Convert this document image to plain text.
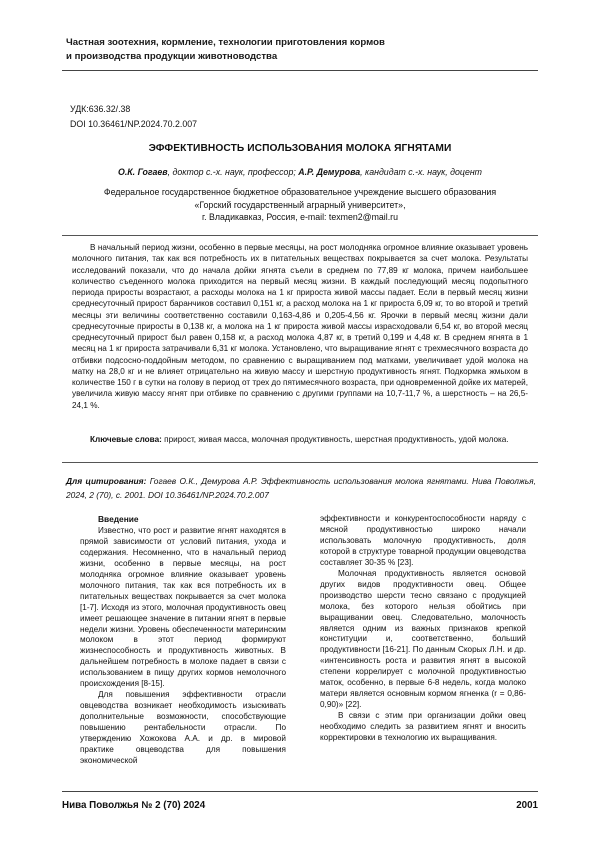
Частная зоотехния, кормление, технологии приготовления кормов
и производства продукции животноводства
УДК:636.32/.38
DOI 10.36461/NP.2024.70.2.007
ЭФФЕКТИВНОСТЬ ИСПОЛЬЗОВАНИЯ МОЛОКА ЯГНЯТАМИ
О.К. Гогаев, доктор с.-х. наук, профессор; А.Р. Демурова, кандидат с.-х. наук, доцент
Федеральное государственное бюджетное образовательное учреждение высшего образования
«Горский государственный аграрный университет»,
г. Владикавказ, Россия, e-mail: texmen2@mail.ru
В начальный период жизни, особенно в первые месяцы, на рост молодняка огромное влияние оказывает уровень молочного питания, так как вся потребность их в питательных веществах покрывается за счет молока. Результаты исследований показали, что до начала дойки ягнята съели в среднем по 77,89 кг молока, причем наибольшее количество съеденного молока приходится на первый месяц жизни. В каждый последующий месяц подопытного периода приросты возрастают, а расходы молока на 1 кг прироста живой массы падает. Если в первый месяц жизни среднесуточный прирост баранчиков составил 0,151 кг, а расход молока на 1 кг прироста 6,09 кг, то во второй и третий месяцы эти величины соответственно составили 0,163-4,86 и 0,205-4,56 кг. Ярочки в первый месяц жизни дали среднесуточные приросты в 0,138 кг, а молока на 1 кг прироста живой массы израсходовали 6,54 кг, во второй месяц среднесуточный прирост был равен 0,158 кг, а расход молока 4,87 кг, в третий 0,199 и 4,48 кг. В среднем ягнята в 1 месяц на 1 кг прироста затрачивали 6,31 кг молока. Установлено, что выращивание ягнят с трехмесячного возраста до отбивки подсосно-поддойным методом, по сравнению с выращиванием под матками, увеличивает удой молока на матку на 28,0 кг и не влияет отрицательно на живую массу и шерстную продуктивность ягнят. Подкормка жмыхом в количестве 150 г в сутки на голову в период от трех до пятимесячного возраста, при одновременной дойке их матерей, увеличила живую массу ягнят при отбивке по сравнению с другими группами на 10,7-11,7 %, а шерстность – на 26,5-24,1 %.
Ключевые слова: прирост, живая масса, молочная продуктивность, шерстная продуктивность, удой молока.
Для цитирования: Гогаев О.К., Демурова А.Р. Эффективность использования молока ягнятами. Нива Поволжья, 2024, 2 (70), с. 2001. DOI 10.36461/NP.2024.70.2.007
Введение

Известно, что рост и развитие ягнят находятся в прямой зависимости от условий питания, ухода и содержания. Несомненно, что в начальный период жизни, особенно в первые месяцы, на рост молодняка огромное влияние оказывает уровень молочного питания, так как вся потребность их в питательных веществах покрывается за счет молока [1-7]. Исходя из этого, молочная продуктивность овец имеет решающее значение в питании ягнят в первые недели жизни. Уровень обеспеченности материнским молоком в этот период формируют жизнеспособность и продуктивность животных. В дальнейшем потребность в молоке падает в связи с использованием в пищу других кормов немолочного происхождения [8-15].

Для повышения эффективности отрасли овцеводства возникает необходимость изыскивать дополнительные возможности, способствующие повышению рентабельности отрасли. По утверждению Хожокова А.А. и др. в мировой практике овцеводства для повышения экономической

эффективности и конкурентоспособности наряду с мясной продуктивностью широко начали использовать молочную продуктивность, доля которой в структуре товарной продукции овцеводства составляет 30-35 % [23].

Молочная продуктивность является основой других видов продуктивности овец. Общее производство шерсти тесно связано с продукцией молока, без которого нельзя обойтись при выращивании овец. Следовательно, молочность является одним из важных признаков крепкой конституции и, соответственно, больший продуктивности [16-21]. По данным Скорых Л.Н. и др. «интенсивность роста и развития ягнят в высокой степени коррелирует с молочной продуктивностью маток, особенно, в первые 6-8 недель, когда молоко матери является основным кормом ягненка (r = 0,86-0,90)» [22].

В связи с этим при организации дойки овец необходимо следить за развитием ягнят и вносить корректировки в технологию их выращивания.

Нива Поволжья № 2 (70) 2024	2001
